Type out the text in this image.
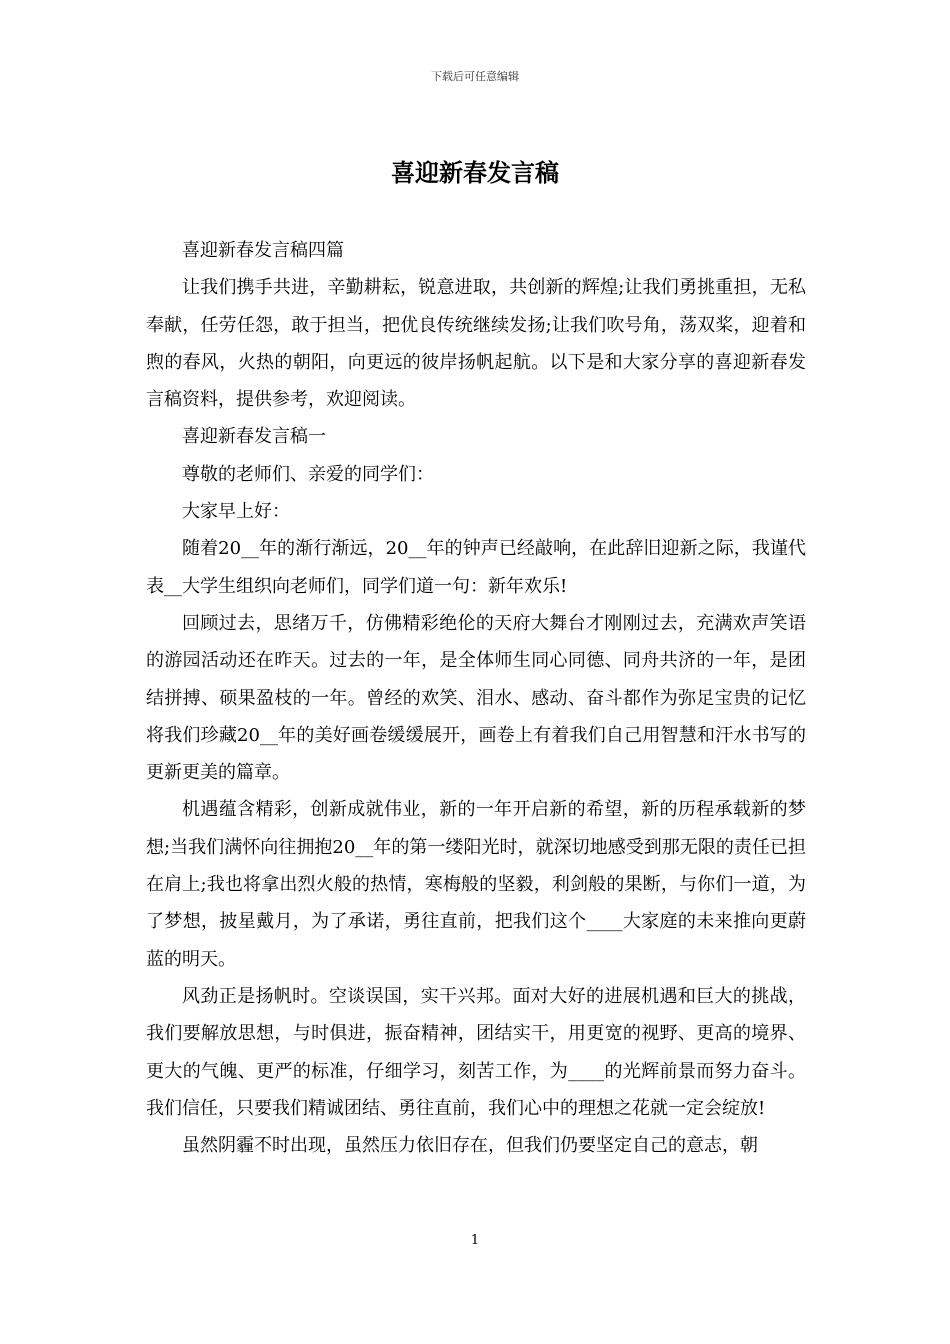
下载后可任意编辑
喜迎新春发言稿

喜迎新春发言稿四篇

让我们携手共进，辛勤耕耘，锐意进取，共创新的辉煌;让我们勇挑重担，无私奉献，任劳任怨，敢于担当，把优良传统继续发扬;让我们吹号角，荡双桨，迎着和煦的春风，火热的朝阳，向更远的彼岸扬帆起航。以下是和大家分享的喜迎新春发言稿资料，提供参考，欢迎阅读。

喜迎新春发言稿一

尊敬的老师们、亲爱的同学们：

大家早上好：

随着20__年的渐行渐远，20__年的钟声已经敲响，在此辞旧迎新之际，我谨代表__大学生组织向老师们，同学们道一句：新年欢乐!

回顾过去，思绪万千，仿佛精彩绝伦的天府大舞台才刚刚过去，充满欢声笑语的游园活动还在昨天。过去的一年，是全体师生同心同德、同舟共济的一年，是团结拼搏、硕果盈枝的一年。曾经的欢笑、泪水、感动、奋斗都作为弥足宝贵的记忆将我们珍藏20__年的美好画卷缓缓展开，画卷上有着我们自己用智慧和汗水书写的更新更美的篇章。

机遇蕴含精彩，创新成就伟业，新的一年开启新的希望，新的历程承载新的梦想;当我们满怀向往拥抱20__年的第一缕阳光时，就深切地感受到那无限的责任已担在肩上;我也将拿出烈火般的热情，寒梅般的坚毅，利剑般的果断，与你们一道，为了梦想，披星戴月，为了承诺，勇往直前，把我们这个____大家庭的未来推向更蔚蓝的明天。

风劲正是扬帆时。空谈误国，实干兴邦。面对大好的进展机遇和巨大的挑战，我们要解放思想，与时俱进，振奋精神，团结实干，用更宽的视野、更高的境界、更大的气魄、更严的标准，仔细学习，刻苦工作，为____的光辉前景而努力奋斗。我们信任，只要我们精诚团结、勇往直前，我们心中的理想之花就一定会绽放!

虽然阴霾不时出现，虽然压力依旧存在，但我们仍要坚定自己的意志，朝

1
